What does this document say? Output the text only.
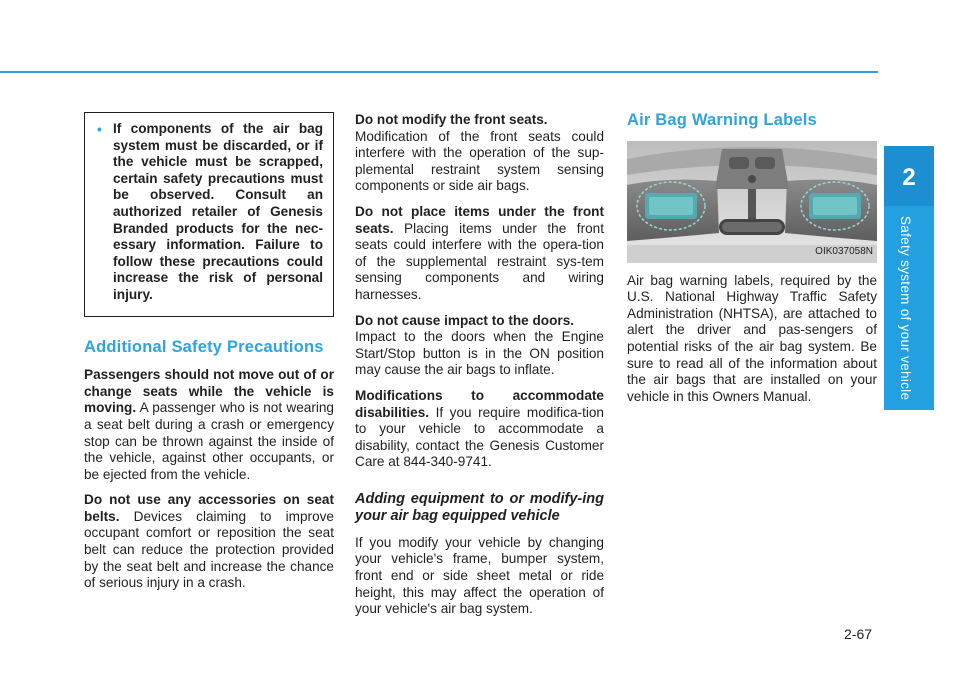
2
Safety system of your vehicle
• If components of the air bag system must be discarded, or if the vehicle must be scrapped, certain safety precautions must be observed. Consult an authorized retailer of Genesis Branded products for the nec-essary information. Failure to follow these precautions could increase the risk of personal injury.
Additional Safety Precautions

Passengers should not move out of or change seats while the vehicle is moving. A passenger who is not wearing a seat belt during a crash or emergency stop can be thrown against the inside of the vehicle, against other occupants, or be ejected from the vehicle.

Do not use any accessories on seat belts. Devices claiming to improve occupant comfort or reposition the seat belt can reduce the protection provided by the seat belt and increase the chance of serious injury in a crash.

Do not modify the front seats.
Modification of the front seats could interfere with the operation of the sup-plemental restraint system sensing components or side air bags.

Do not place items under the front seats. Placing items under the front seats could interfere with the opera-tion of the supplemental restraint sys-tem sensing components and wiring harnesses.

Do not cause impact to the doors.
Impact to the doors when the Engine Start/Stop button is in the ON position may cause the air bags to inflate.

Modifications to accommodate disabilities. If you require modifica-tion to your vehicle to accommodate a disability, contact the Genesis Customer Care at 844-340-9741.

Adding equipment to or modify-ing your air bag equipped vehicle

If you modify your vehicle by changing your vehicle's frame, bumper system, front end or side sheet metal or ride height, this may affect the operation of your vehicle's air bag system.

Air Bag Warning Labels
OIK037058N

Air bag warning labels, required by the U.S. National Highway Traffic Safety Administration (NHTSA), are attached to alert the driver and pas-sengers of potential risks of the air bag system. Be sure to read all of the information about the air bags that are installed on your vehicle in this Owners Manual.

2-67
